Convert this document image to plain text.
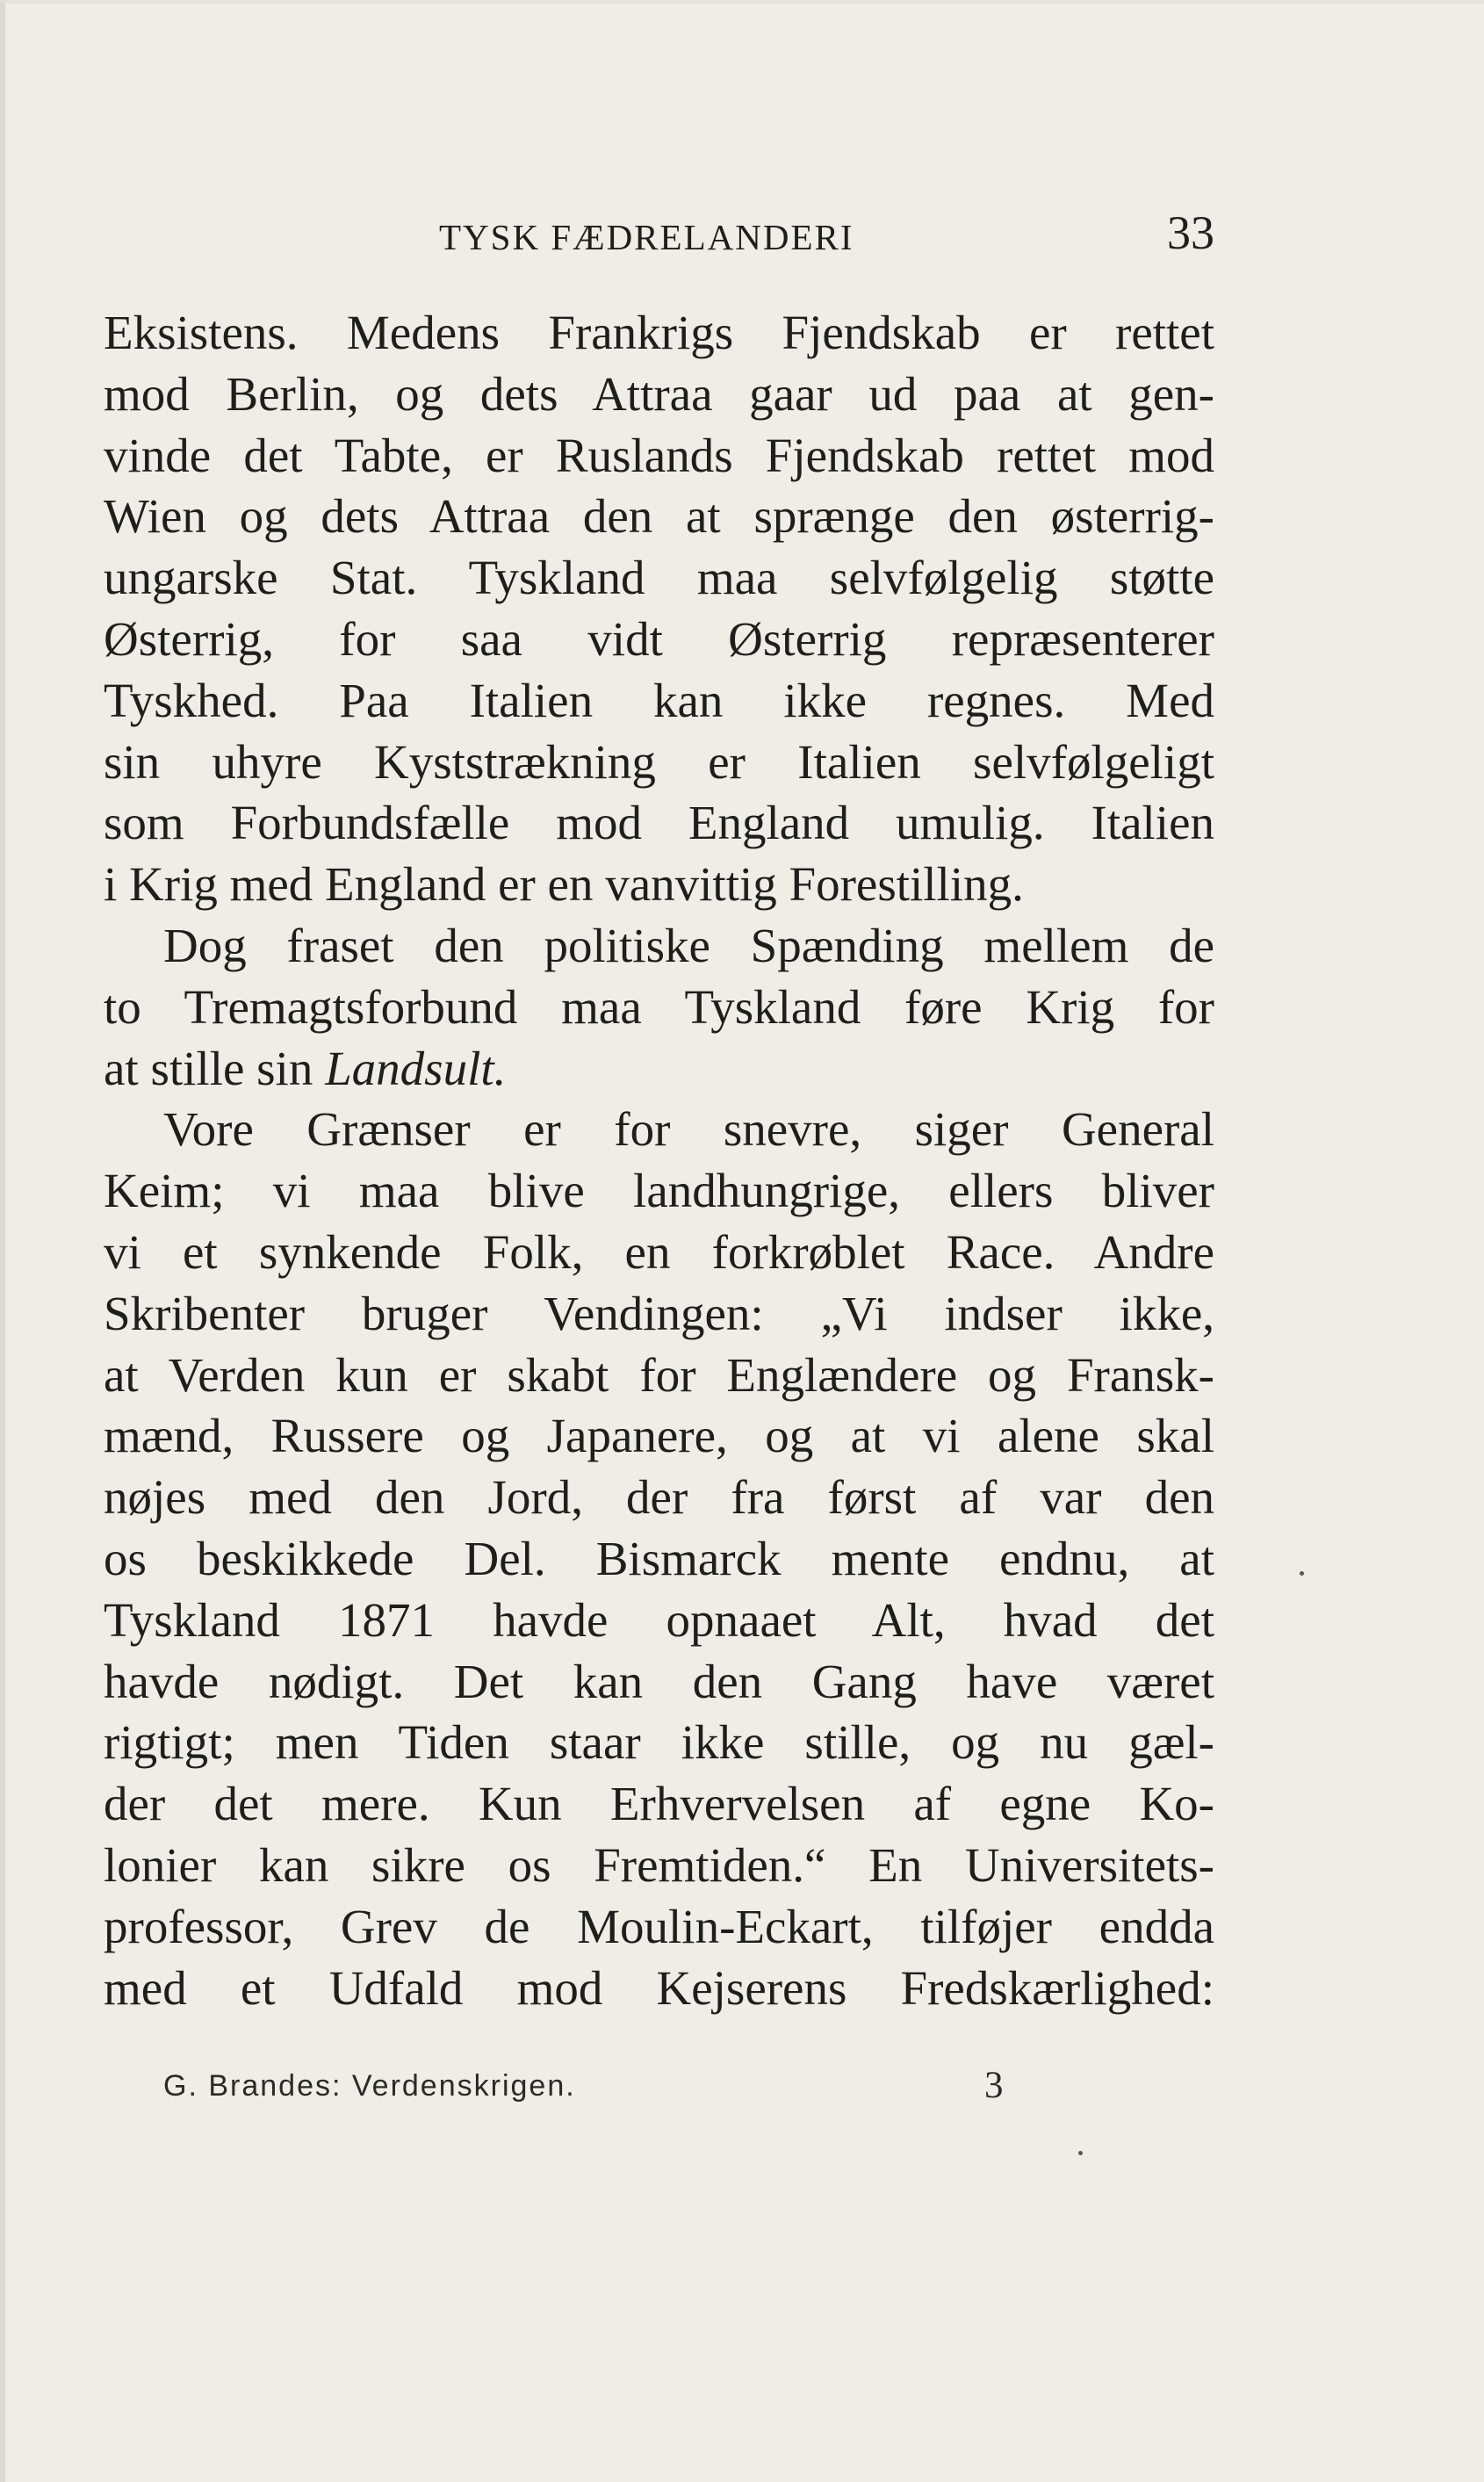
TYSK FÆDRELANDERI	33

Eksistens. Medens Frankrigs Fjendskab er rettet
mod Berlin, og dets Attraa gaar ud paa at gen-
vinde det Tabte, er Ruslands Fjendskab rettet mod
Wien og dets Attraa den at sprænge den østerrig-
ungarske Stat. Tyskland maa selvfølgelig støtte
Østerrig, for saa vidt Østerrig repræsenterer
Tyskhed. Paa Italien kan ikke regnes. Med
sin uhyre Kyststrækning er Italien selvfølgeligt
som Forbundsfælle mod England umulig. Italien
i Krig med England er en vanvittig Forestilling.

Dog fraset den politiske Spænding mellem de
to Tremagtsforbund maa Tyskland føre Krig for
at stille sin Landsult.

Vore Grænser er for snevre, siger General
Keim; vi maa blive landhungrige, ellers bliver
vi et synkende Folk, en forkrøblet Race. Andre
Skribenter bruger Vendingen: „Vi indser ikke,
at Verden kun er skabt for Englændere og Fransk-
mænd, Russere og Japanere, og at vi alene skal
nøjes med den Jord, der fra først af var den
os beskikkede Del. Bismarck mente endnu, at
Tyskland 1871 havde opnaaet Alt, hvad det
havde nødigt. Det kan den Gang have været
rigtigt; men Tiden staar ikke stille, og nu gæl-
der det mere. Kun Erhvervelsen af egne Ko-
lonier kan sikre os Fremtiden.“ En Universitets-
professor, Grev de Moulin-Eckart, tilføjer endda
med et Udfald mod Kejserens Fredskærlighed:

G. Brandes: Verdenskrigen.	3
